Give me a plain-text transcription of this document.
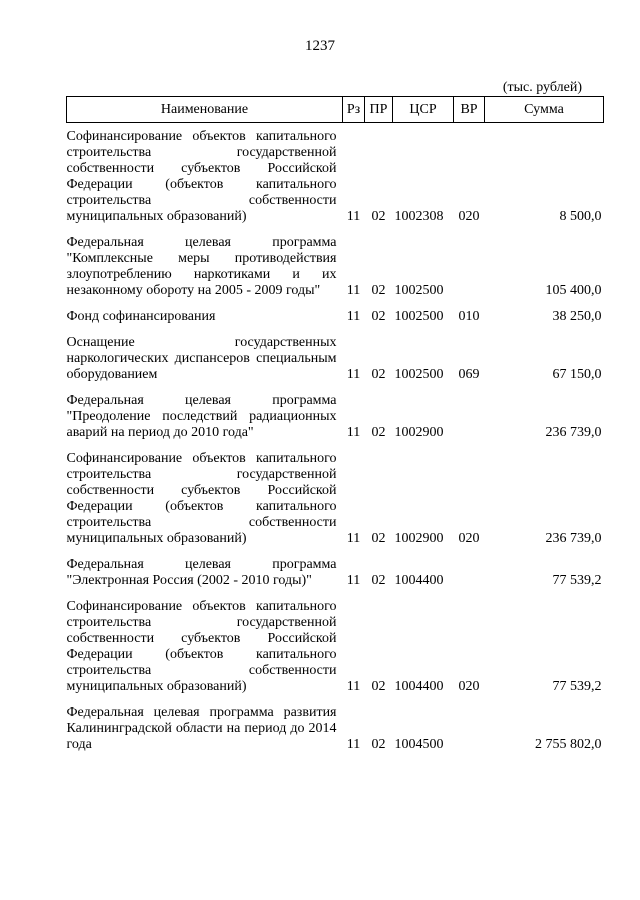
1237
(тыс. рублей)
Наименование	Рз	ПР	ЦСР	ВР	Сумма
Софинансирование объектов капитального строительства государственной собственности субъектов Российской Федерации (объектов капитального строительства собственности муниципальных образований)	11	02	1002308	020	8 500,0
Федеральная целевая программа "Комплексные меры противодействия злоупотреблению наркотиками и их незаконному обороту на 2005 - 2009 годы"	11	02	1002500		105 400,0
Фонд софинансирования	11	02	1002500	010	38 250,0
Оснащение государственных наркологических диспансеров специальным оборудованием	11	02	1002500	069	67 150,0
Федеральная целевая программа "Преодоление последствий радиационных аварий на период до 2010 года"	11	02	1002900		236 739,0
Софинансирование объектов капитального строительства государственной собственности субъектов Российской Федерации (объектов капитального строительства собственности муниципальных образований)	11	02	1002900	020	236 739,0
Федеральная целевая программа "Электронная Россия (2002 - 2010 годы)"	11	02	1004400		77 539,2
Софинансирование объектов капитального строительства государственной собственности субъектов Российской Федерации (объектов капитального строительства собственности муниципальных образований)	11	02	1004400	020	77 539,2
Федеральная целевая программа развития Калининградской области на период до 2014 года	11	02	1004500		2 755 802,0
